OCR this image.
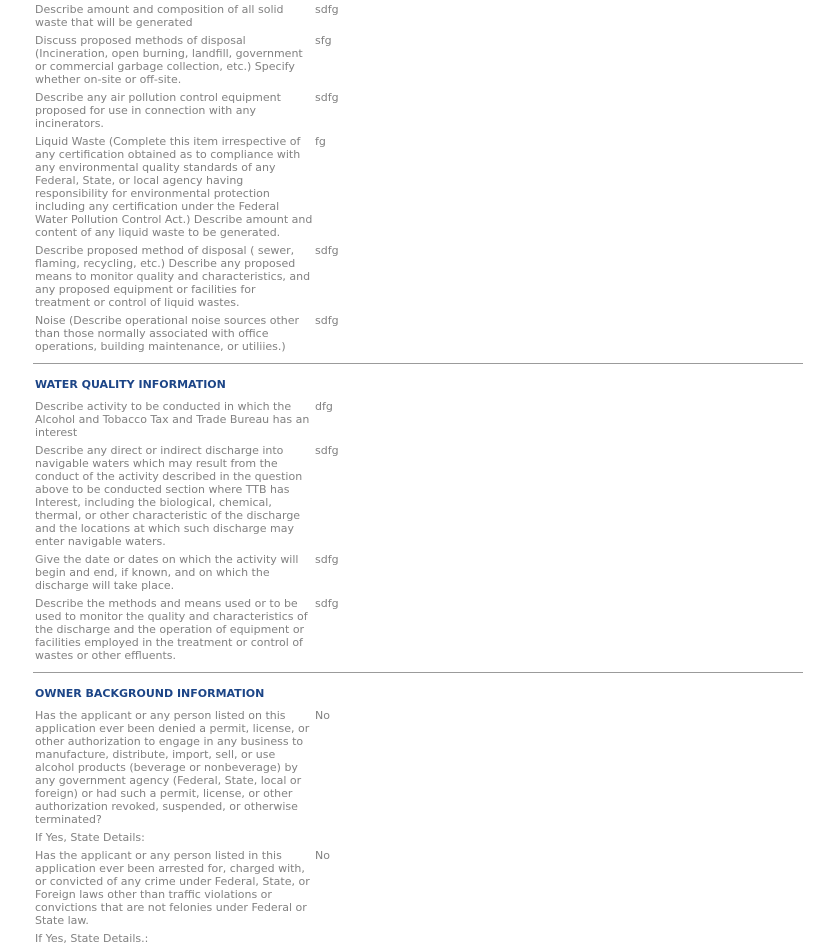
Describe amount and composition of all solid waste that will be generated
sdfg
Discuss proposed methods of disposal (Incineration, open burning, landfill, government or commercial garbage collection, etc.) Specify whether on-site or off-site.
sfg
Describe any air pollution control equipment proposed for use in connection with any incinerators.
sdfg
Liquid Waste (Complete this item irrespective of any certification obtained as to compliance with any environmental quality standards of any Federal, State, or local agency having responsibility for environmental protection including any certification under the Federal Water Pollution Control Act.) Describe amount and content of any liquid waste to be generated.
fg
Describe proposed method of disposal ( sewer, flaming, recycling, etc.) Describe any proposed means to monitor quality and characteristics, and any proposed equipment or facilities for treatment or control of liquid wastes.
sdfg
Noise (Describe operational noise sources other than those normally associated with office operations, building maintenance, or utiliies.)
sdfg
WATER QUALITY INFORMATION
Describe activity to be conducted in which the Alcohol and Tobacco Tax and Trade Bureau has an interest
dfg
Describe any direct or indirect discharge into navigable waters which may result from the conduct of the activity described in the question above to be conducted section where TTB has Interest, including the biological, chemical, thermal, or other characteristic of the discharge and the locations at which such discharge may enter navigable waters.
sdfg
Give the date or dates on which the activity will begin and end, if known, and on which the discharge will take place.
sdfg
Describe the methods and means used or to be used to monitor the quality and characteristics of the discharge and the operation of equipment or facilities employed in the treatment or control of wastes or other effluents.
sdfg
OWNER BACKGROUND INFORMATION
Has the applicant or any person listed on this application ever been denied a permit, license, or other authorization to engage in any business to manufacture, distribute, import, sell, or use alcohol products (beverage or nonbeverage) by any government agency (Federal, State, local or foreign) or had such a permit, license, or other authorization revoked, suspended, or otherwise terminated?
No
If Yes, State Details:
Has the applicant or any person listed in this application ever been arrested for, charged with, or convicted of any crime under Federal, State, or Foreign laws other than traffic violations or convictions that are not felonies under Federal or State law.
No
If Yes, State Details.:
